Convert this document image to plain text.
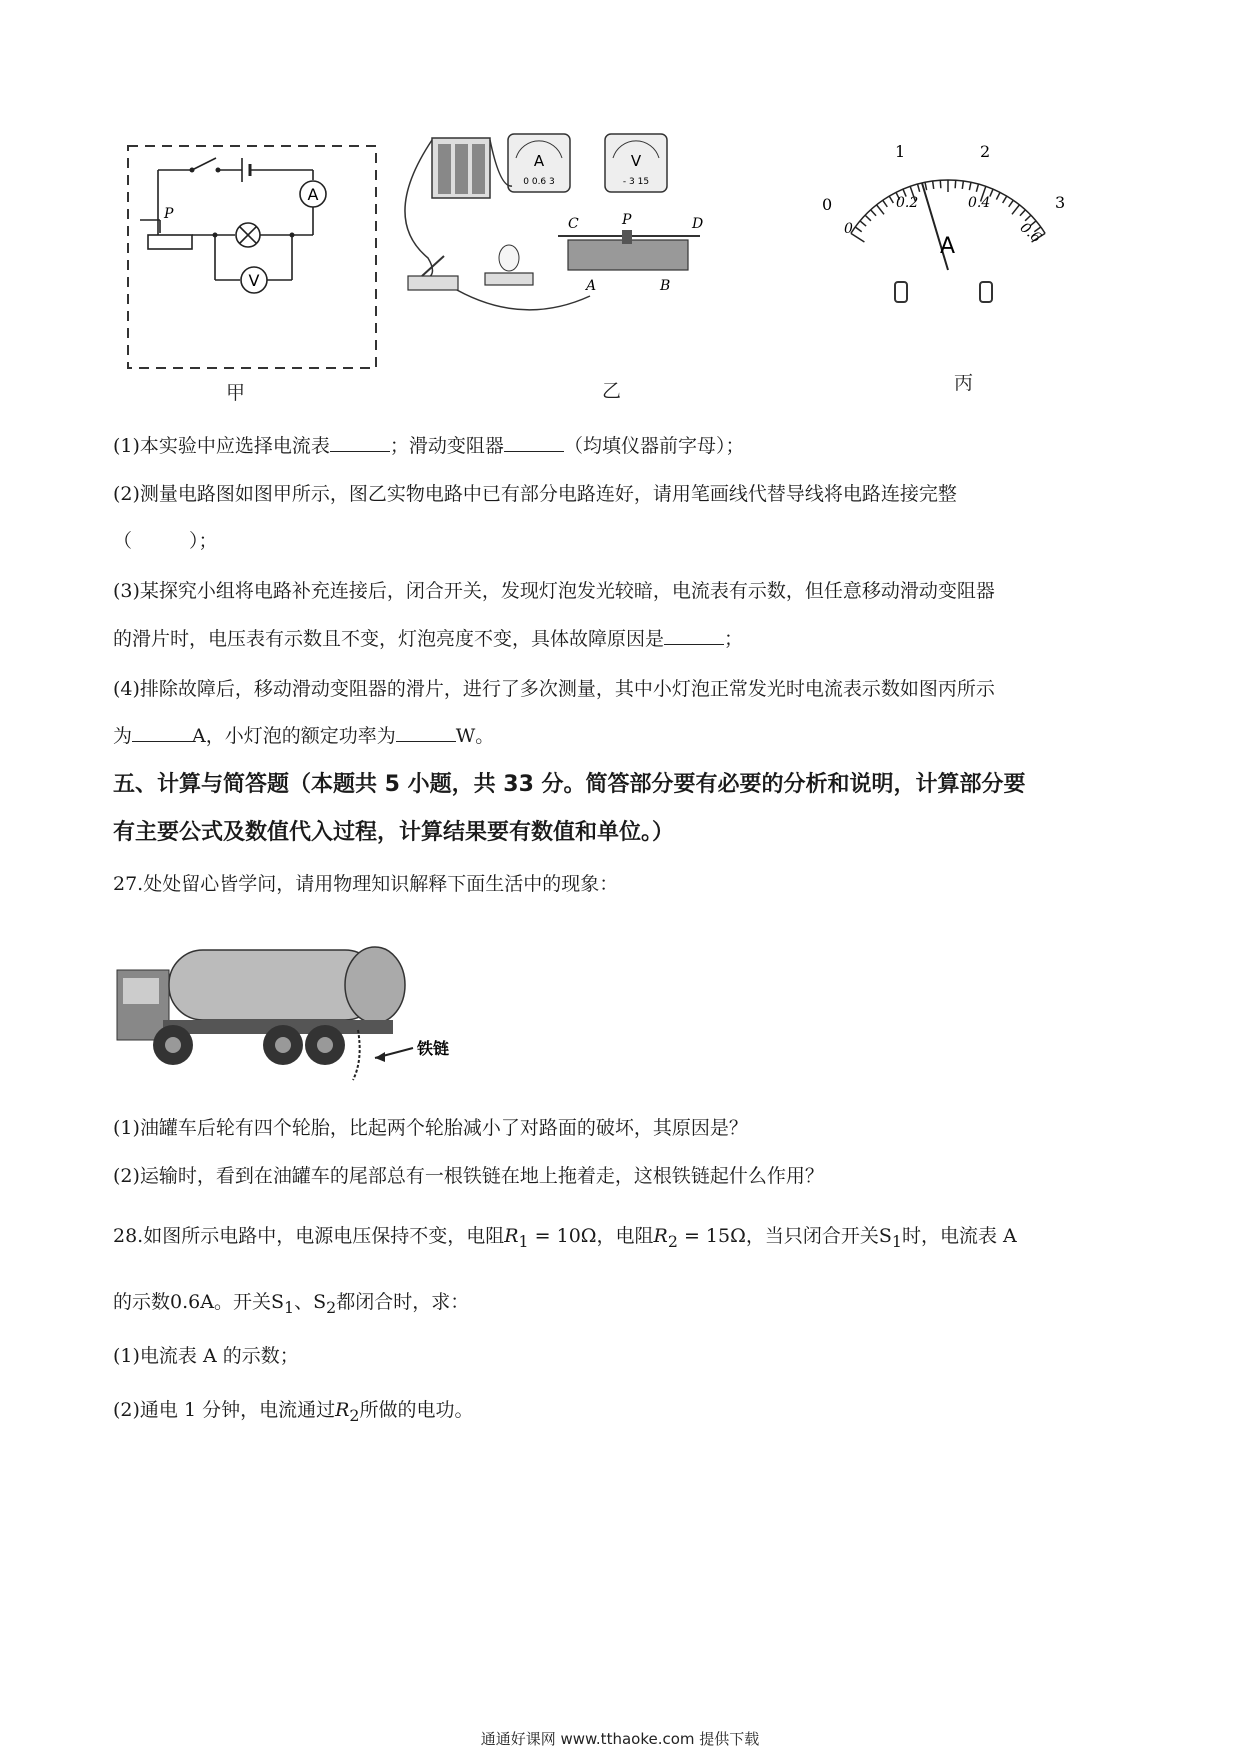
A
V
P
甲
A
0 0.6 3
V
- 3 15
C	P	D
A	B
乙
0
1	2
3
0
0.2	0.4
0.6
A
丙
(1)本实验中应选择电流表	；滑动变阻器	（均填仪器前字母）；
(2)测量电路图如图甲所示，图乙实物电路中已有部分电路连好，请用笔画线代替导线将电路连接完整
（　　　）；
(3)某探究小组将电路补充连接后，闭合开关，发现灯泡发光较暗，电流表有示数，但任意移动滑动变阻器
的滑片时，电压表有示数且不变，灯泡亮度不变，具体故障原因是	；
(4)排除故障后，移动滑动变阻器的滑片，进行了多次测量，其中小灯泡正常发光时电流表示数如图丙所示
为	A，小灯泡的额定功率为	W。
五、计算与简答题（本题共 5 小题，共 33 分。简答部分要有必要的分析和说明，计算部分要
有主要公式及数值代入过程，计算结果要有数值和单位。）
27.处处留心皆学问，请用物理知识解释下面生活中的现象：
铁链
(1)油罐车后轮有四个轮胎，比起两个轮胎减小了对路面的破坏，其原因是？
(2)运输时，看到在油罐车的尾部总有一根铁链在地上拖着走，这根铁链起什么作用？
28.如图所示电路中，电源电压保持不变，电阻$R_1 = 10\Omega$，电阻$R_2 = 15\Omega$，当只闭合开关$S_1$时，电流表 A
的示数0.6A。开关$S_1$、$S_2$都闭合时，求：
(1)电流表 A 的示数；
(2)通电 1 分钟，电流通过$R_2$所做的电功。
通通好课网 www.tthaoke.com 提供下载
